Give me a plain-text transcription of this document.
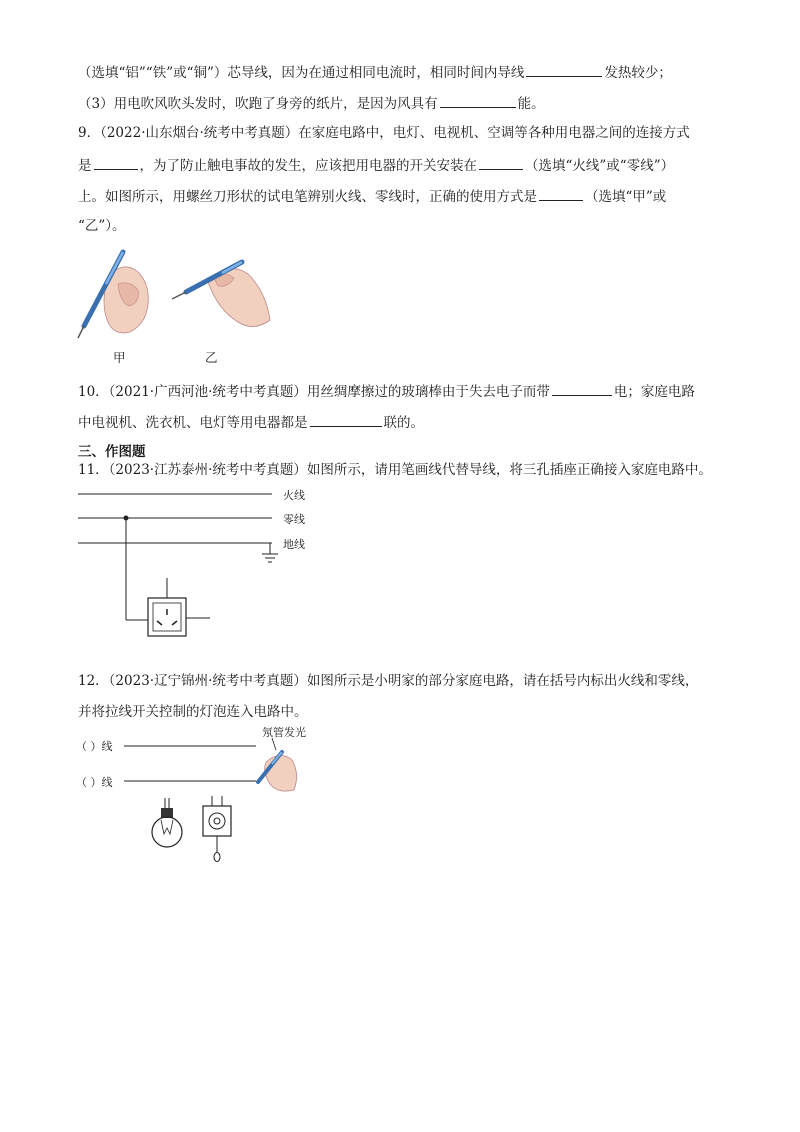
（选填“铝”“铁”或“铜”）芯导线，因为在通过相同电流时，相同时间内导线	发热较少；
（3）用电吹风吹头发时，吹跑了身旁的纸片，是因为风具有	能。
9．（2022·山东烟台·统考中考真题）在家庭电路中，电灯、电视机、空调等各种用电器之间的连接方式
是	，为了防止触电事故的发生，应该把用电器的开关安装在	（选填“火线”或“零线”）
上。如图所示，用螺丝刀形状的试电笔辨别火线、零线时，正确的使用方式是	（选填“甲”或
“乙”）。
甲	乙
10．（2021·广西河池·统考中考真题）用丝绸摩擦过的玻璃棒由于失去电子而带	电；家庭电路
中电视机、洗衣机、电灯等用电器都是	联的。
三、作图题
11．（2023·江苏泰州·统考中考真题）如图所示，请用笔画线代替导线，将三孔插座正确接入家庭电路中。
火线
零线
地线
12．（2023·辽宁锦州·统考中考真题）如图所示是小明家的部分家庭电路，请在括号内标出火线和零线，
并将拉线开关控制的灯泡连入电路中。
（ ）线
（ ）线
氖管发光
